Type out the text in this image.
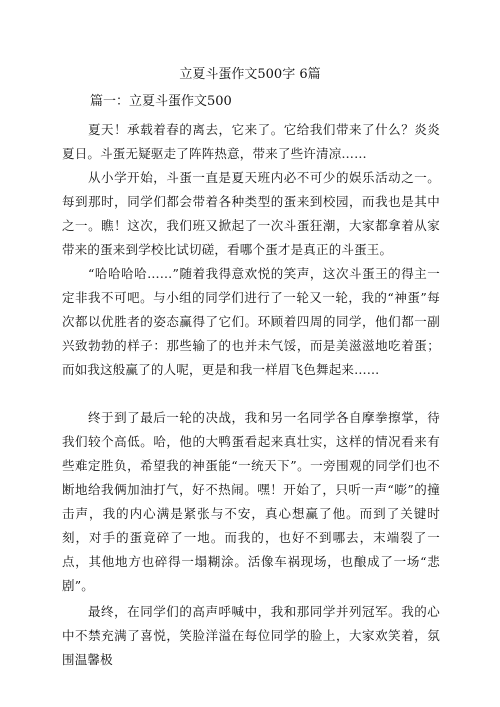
立夏斗蛋作文500字 6篇
篇一：立夏斗蛋作文500

夏天！承载着春的离去，它来了。它给我们带来了什么？炎炎夏日。斗蛋无疑驱走了阵阵热意，带来了些许清凉……

从小学开始，斗蛋一直是夏天班内必不可少的娱乐活动之一。每到那时，同学们都会带着各种类型的蛋来到校园，而我也是其中之一。瞧！这次，我们班又掀起了一次斗蛋狂潮，大家都拿着从家带来的蛋来到学校比试切磋，看哪个蛋才是真正的斗蛋王。

“哈哈哈哈……”随着我得意欢悦的笑声，这次斗蛋王的得主一定非我不可吧。与小组的同学们进行了一轮又一轮，我的“神蛋”每次都以优胜者的姿态赢得了它们。环顾着四周的同学，他们都一副兴致勃勃的样子：那些输了的也并未气馁，而是美滋滋地吃着蛋；而如我这般赢了的人呢，更是和我一样眉飞色舞起来……

终于到了最后一轮的决战，我和另一名同学各自摩拳擦掌，待我们较个高低。哈，他的大鸭蛋看起来真壮实，这样的情况看来有些难定胜负，希望我的神蛋能“一统天下”。一旁围观的同学们也不断地给我俩加油打气，好不热闹。嘿！开始了，只听一声“嘭”的撞击声，我的内心满是紧张与不安，真心想赢了他。而到了关键时刻，对手的蛋竟碎了一地。而我的，也好不到哪去，末端裂了一点，其他地方也碎得一塌糊涂。活像车祸现场，也酿成了一场“悲剧”。

最终，在同学们的高声呼喊中，我和那同学并列冠军。我的心中不禁充满了喜悦，笑脸洋溢在每位同学的脸上，大家欢笑着，氛围温馨极
